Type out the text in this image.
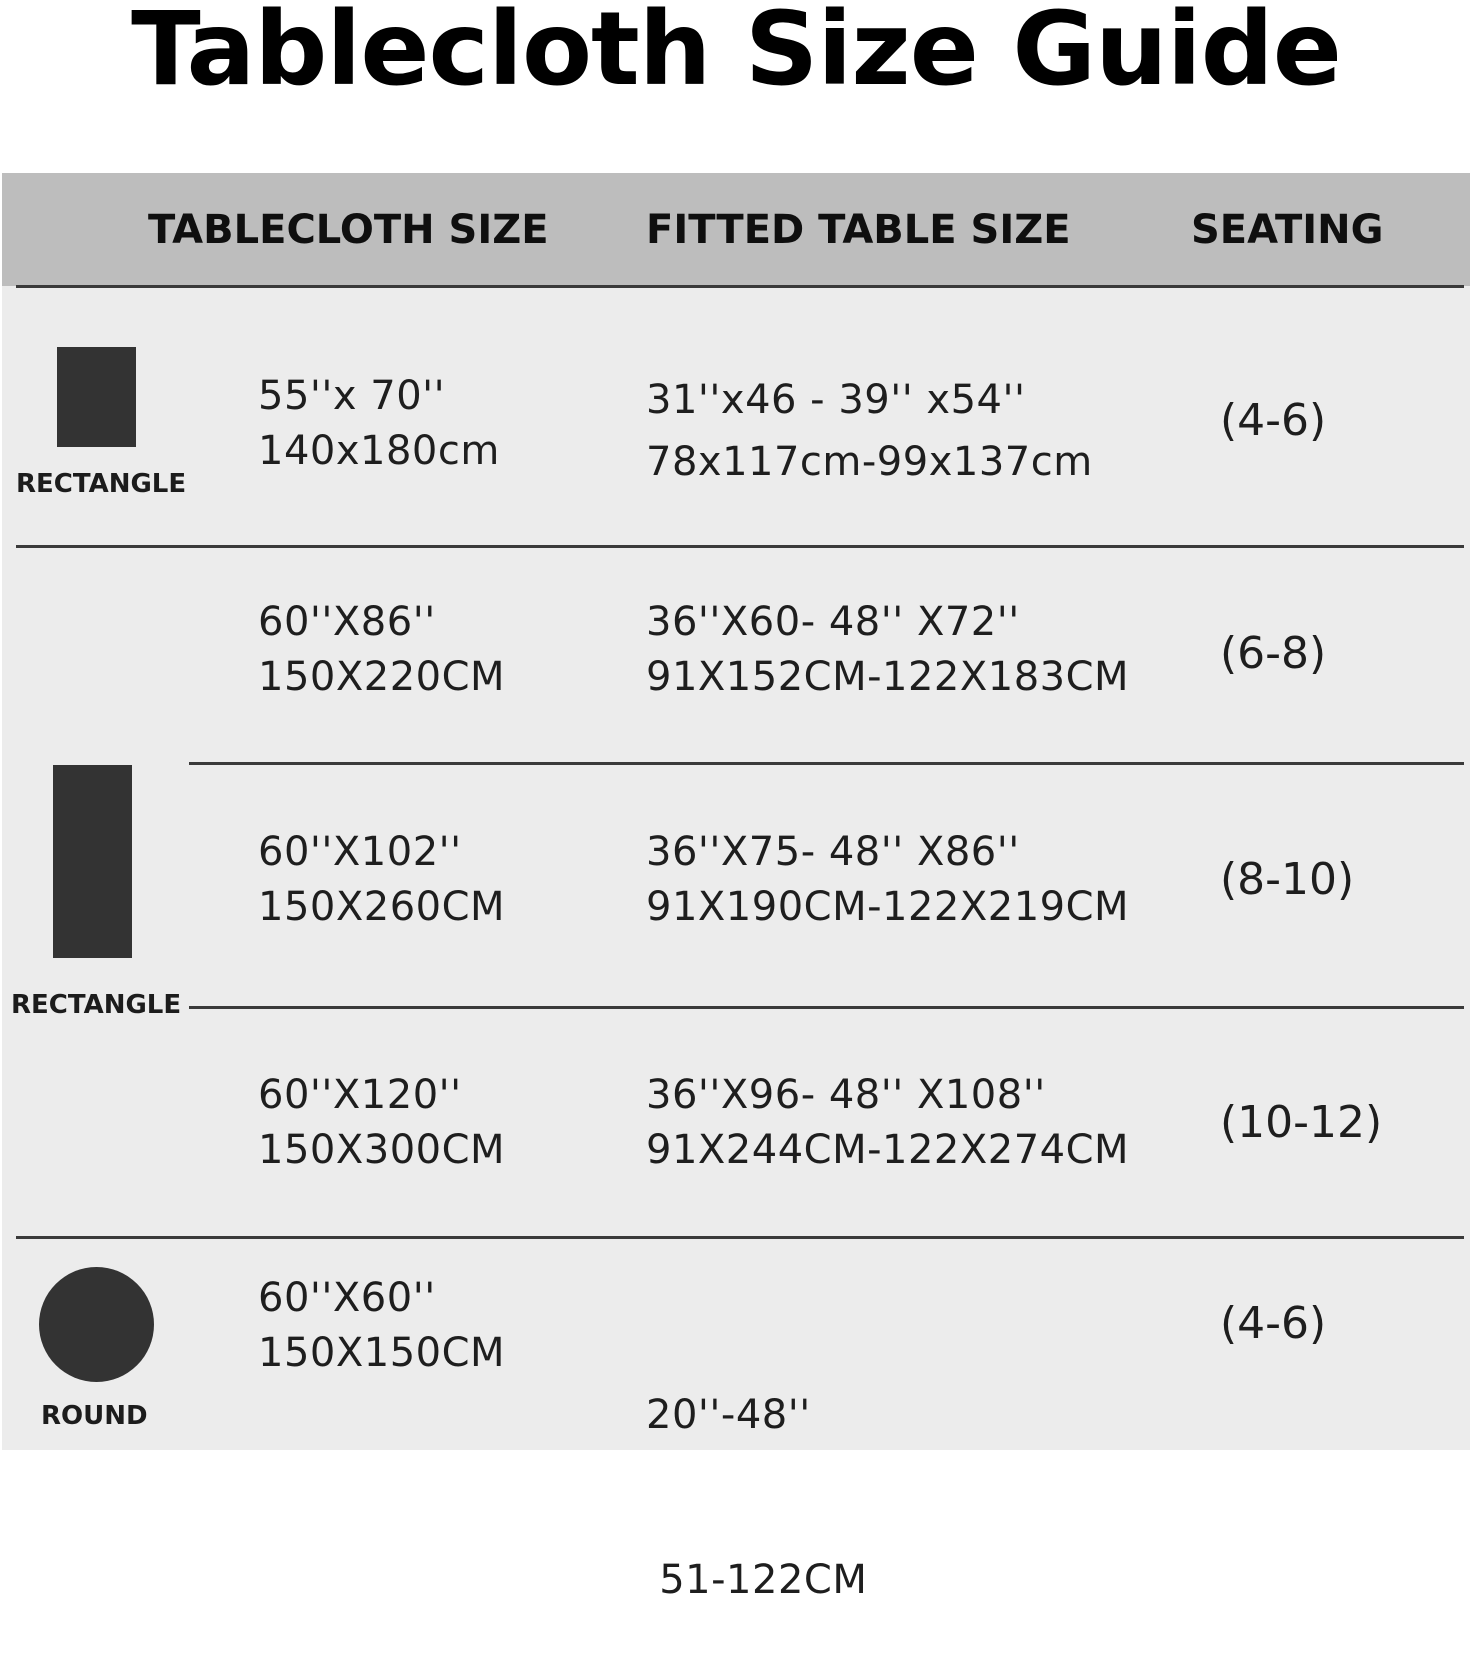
Tablecloth Size Guide
TABLECLOTH SIZE FITTED TABLE SIZE	SEATING
RECTANGLE
RECTANGLE
ROUND
55''x 70''
140x180cm
31''x46 - 39'' x54''
78x117cm-99x137cm
(4-6)
60''X86''
150X220CM
36''X60- 48'' X72''
91X152CM-122X183CM (6-8)
60''X102''
150X260CM
36''X75- 48'' X86''
91X190CM-122X219CM
(8-10)
60''X120''
150X300CM
36''X96- 48'' X108''
91X244CM-122X274CM
(10-12)
60''X60''
150X150CM

20''-48''

51-122CM

(4-6)
